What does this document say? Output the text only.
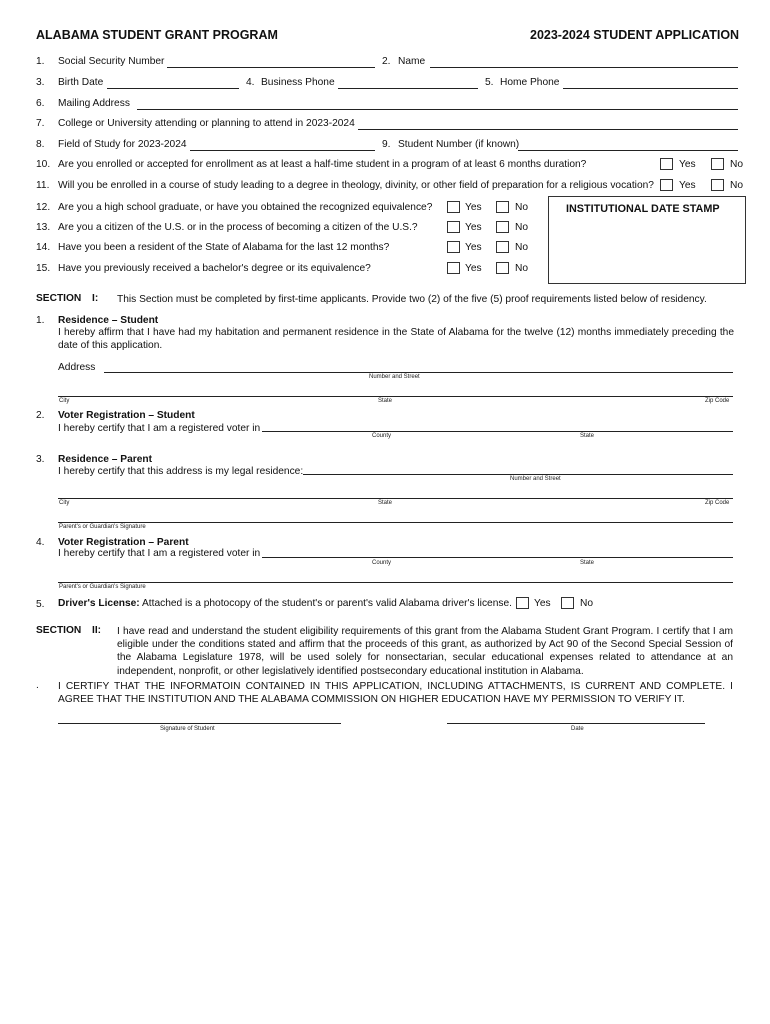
ALABAMA STUDENT GRANT PROGRAM	2023-2024 STUDENT APPLICATION
1. Social Security Number	2. Name
3. Birth Date	4. Business Phone	5. Home Phone
6. Mailing Address
7. College or University attending or planning to attend in 2023-2024
8. Field of Study for 2023-2024	9. Student Number (if known)
10. Are you enrolled or accepted for enrollment as at least a half-time student in a program of at least 6 months duration?	Yes	No
11. Will you be enrolled in a course of study leading to a degree in theology, divinity, or other field of preparation for a religious vocation? Yes	No
12. Are you a high school graduate, or have you obtained the recognized equivalence?	Yes	No
13. Are you a citizen of the U.S. or in the process of becoming a citizen of the U.S.?	Yes	No
14. Have you been a resident of the State of Alabama for the last 12 months?	Yes	No
15. Have you previously received a bachelor's degree or its equivalence?	Yes	No
INSTITUTIONAL DATE STAMP
SECTION I: This Section must be completed by first-time applicants. Provide two (2) of the five (5) proof requirements listed below of residency.
1. Residence – Student
I hereby affirm that I have had my habitation and permanent residence in the State of Alabama for the twelve (12) months immediately preceding the date of this application.
Address
Number and Street
City	State	Zip Code
2. Voter Registration – Student
I hereby certify that I am a registered voter in
County	State
3. Residence – Parent
I hereby certify that this address is my legal residence:
Number and Street
City	State	Zip Code
Parent's or Guardian's Signature
4. Voter Registration – Parent
I hereby certify that I am a registered voter in
County	State
Parent's or Guardian's Signature
5. Driver's License: Attached is a photocopy of the student's or parent's valid Alabama driver's license. Yes	No
SECTION II: I have read and understand the student eligibility requirements of this grant from the Alabama Student Grant Program. I certify that I am eligible under the conditions stated and affirm that the proceeds of this grant, as authorized by Act 90 of the Second Special Session of the Alabama Legislature 1978, will be used solely for nonsectarian, secular educational expenses related to attendance at an independent, nonprofit, or other legislatively identified postsecondary educational institution in Alabama.
. I CERTIFY THAT THE INFORMATOIN CONTAINED IN THIS APPLICATION, INCLUDING ATTACHMENTS, IS CURRENT AND COMPLETE. I AGREE THAT THE INSTITUTION AND THE ALABAMA COMMISSION ON HIGHER EDUCATION HAVE MY PERMISSION TO VERIFY IT.
Signature of Student	Date
